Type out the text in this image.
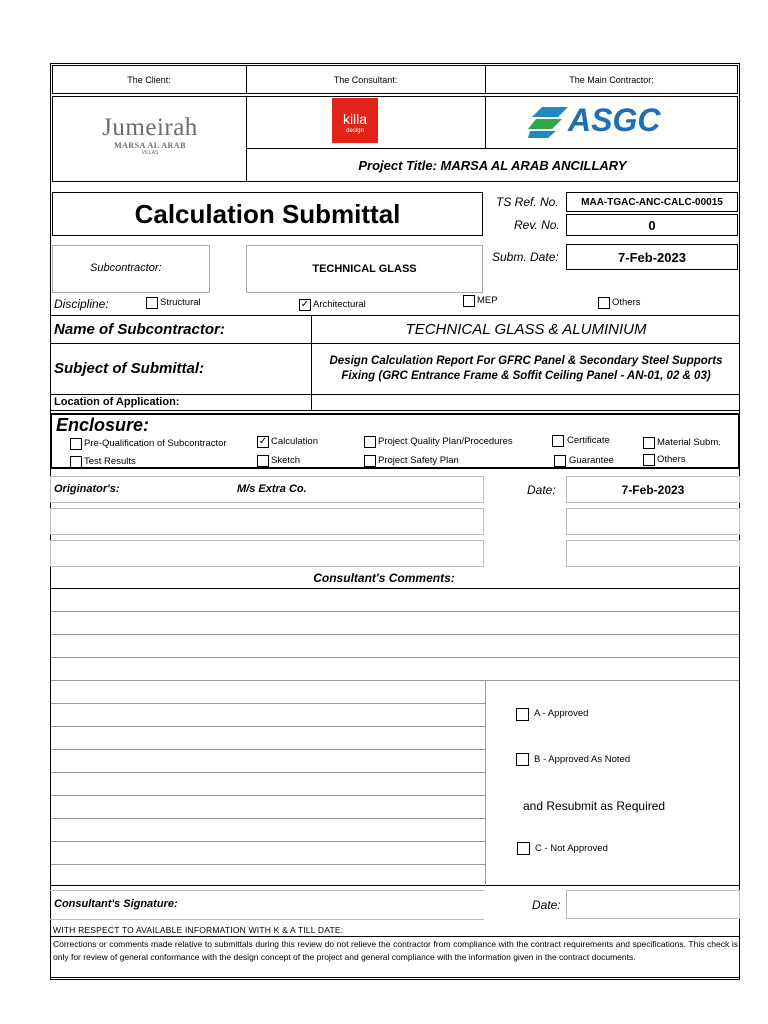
The Client:	The Consultant:	The Main Contractor:
Jumeirah
MARSA AL ARAB
VILLAS
killa
design	ASGC
Project Title: MARSA AL ARAB ANCILLARY
Calculation Submittal	TS Ref. No.	MAA-TGAC-ANC-CALC-00015
Rev. No.	0
Subcontractor:	TECHNICAL GLASS
Subm. Date:	7-Feb-2023
Discipline:	Structural	✓ Architectural	MEP	Others
Name of Subcontractor:	TECHNICAL GLASS & ALUMINIUM
Subject of Submittal:	Design Calculation Report For GFRC Panel & Secondary Steel Supports Fixing (GRC Entrance Frame & Soffit Ceiling Panel - AN-01, 02 & 03)
Location of Application:
Enclosure:
Pre-Qualification of Subcontractor	✓ Calculation	Project Quality Plan/Procedures	Certificate	Material Subm.
Test Results	Sketch	Project Safety Plan	Guarantee	Others
Originator's:	M/s Extra Co.	Date:	7-Feb-2023
Consultant's Comments:
A - Approved
B - Approved As Noted
and Resubmit as Required
C - Not Approved
Consultant's Signature:	Date:
WITH RESPECT TO AVAILABLE INFORMATION WITH K & A TILL DATE:
Corrections or comments made relative to submittals during this review do not relieve the contractor from compliance with the contract requirements and specifications. This check is only for review of general conformance with the design concept of the project and general compliance with the information given in the contract documents.
